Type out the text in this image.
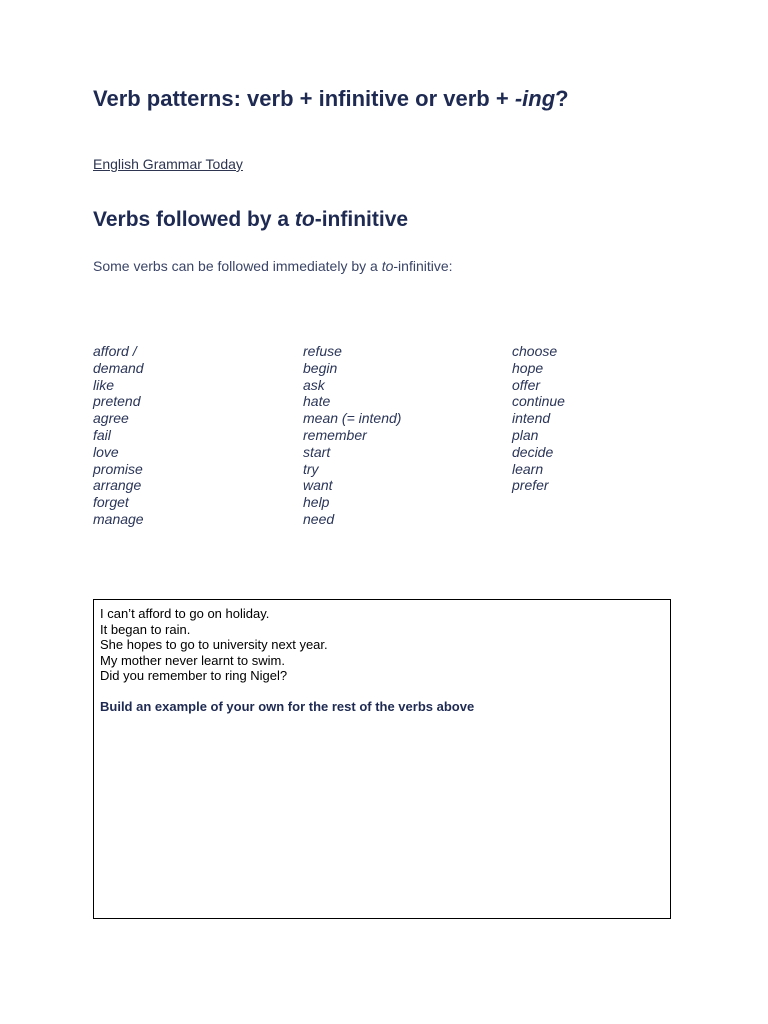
Verb patterns: verb + infinitive or verb + -ing?
English Grammar Today
Verbs followed by a to-infinitive

Some verbs can be followed immediately by a to-infinitive:

afford /
demand
like
pretend
agree
fail
love
promise
arrange
forget
manage
refuse
begin
ask
hate
mean (= intend)
remember
start
try
want
help
need
choose
hope
offer
continue
intend
plan
decide
learn
prefer
I can’t afford to go on holiday.
It began to rain.
She hopes to go to university next year.
My mother never learnt to swim.
Did you remember to ring Nigel?
Build an example of your own for the rest of the verbs above
